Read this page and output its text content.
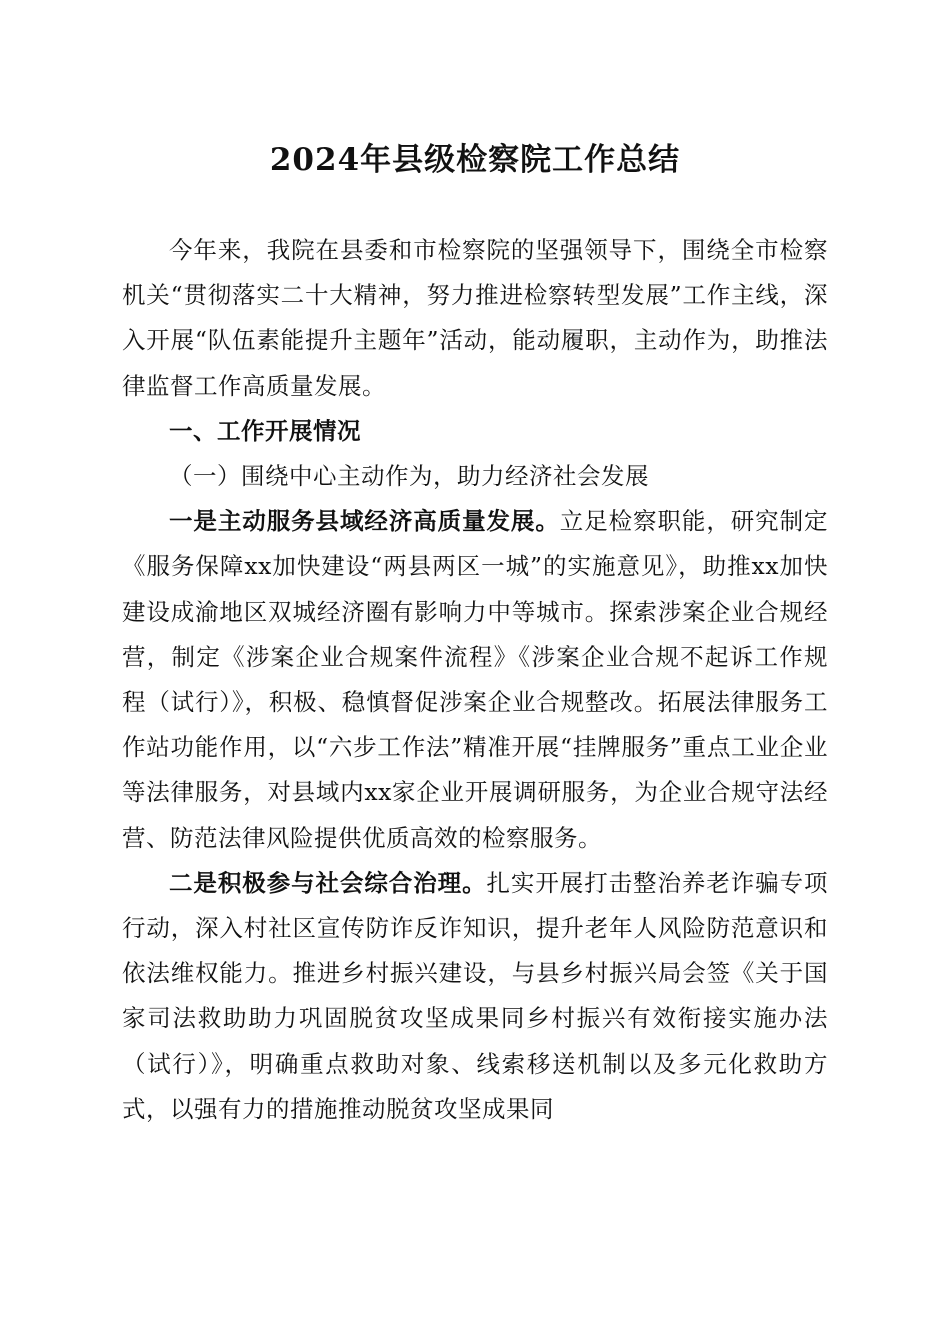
2024年县级检察院工作总结

今年来，我院在县委和市检察院的坚强领导下，围绕全市检察机关“贯彻落实二十大精神，努力推进检察转型发展”工作主线，深入开展“队伍素能提升主题年”活动，能动履职，主动作为，助推法律监督工作高质量发展。

一、工作开展情况

（一）围绕中心主动作为，助力经济社会发展

一是主动服务县域经济高质量发展。立足检察职能，研究制定《服务保障xx加快建设“两县两区一城”的实施意见》，助推xx加快建设成渝地区双城经济圈有影响力中等城市。探索涉案企业合规经营，制定《涉案企业合规案件流程》《涉案企业合规不起诉工作规程（试行）》，积极、稳慎督促涉案企业合规整改。拓展法律服务工作站功能作用，以“六步工作法”精准开展“挂牌服务”重点工业企业等法律服务，对县域内xx家企业开展调研服务，为企业合规守法经营、防范法律风险提供优质高效的检察服务。

二是积极参与社会综合治理。扎实开展打击整治养老诈骗专项行动，深入村社区宣传防诈反诈知识，提升老年人风险防范意识和依法维权能力。推进乡村振兴建设，与县乡村振兴局会签《关于国家司法救助助力巩固脱贫攻坚成果同乡村振兴有效衔接实施办法（试行）》，明确重点救助对象、线索移送机制以及多元化救助方式，以强有力的措施推动脱贫攻坚成果同
